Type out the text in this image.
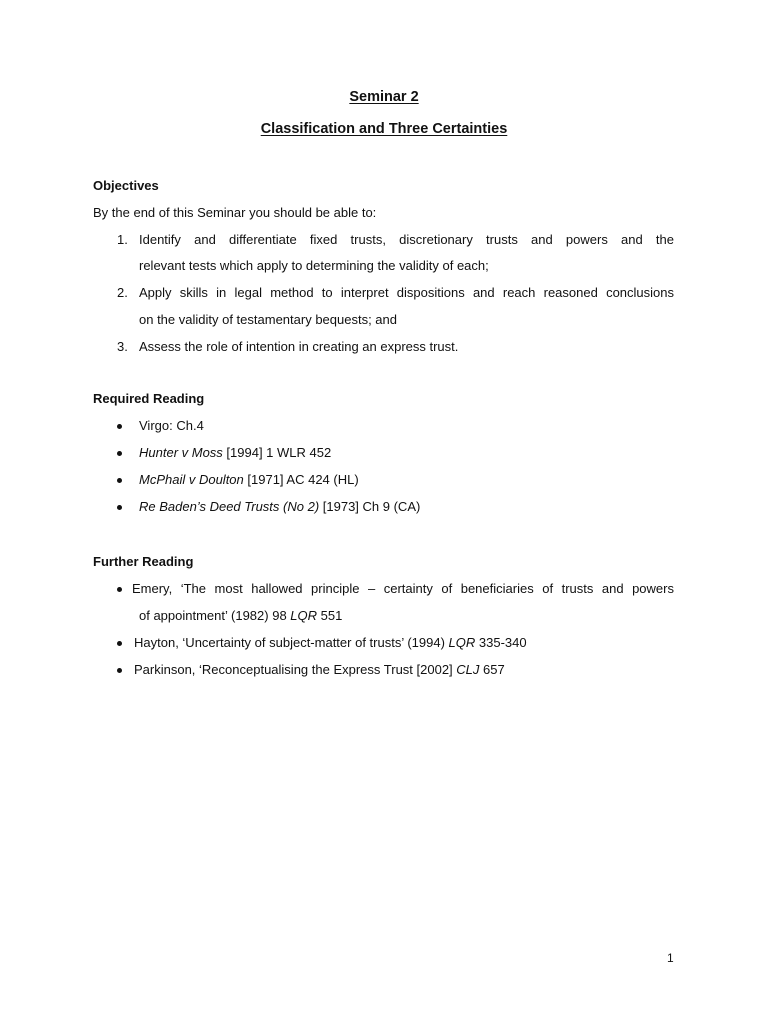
Seminar 2
Classification and Three Certainties
Objectives
By the end of this Seminar you should be able to:
1. Identify and differentiate fixed trusts, discretionary trusts and powers and the
relevant tests which apply to determining the validity of each;
2. Apply skills in legal method to interpret dispositions and reach reasoned conclusions
on the validity of testamentary bequests; and
3. Assess the role of intention in creating an express trust.
Required Reading
Virgo: Ch.4
Hunter v Moss [1994] 1 WLR 452
McPhail v Doulton [1971] AC 424 (HL)
Re Baden’s Deed Trusts (No 2) [1973] Ch 9 (CA)
Further Reading
Emery, ‘The most hallowed principle – certainty of beneficiaries of trusts and powers
of appointment’ (1982) 98 LQR 551
Hayton, ‘Uncertainty of subject-matter of trusts’ (1994) LQR 335-340
Parkinson, ‘Reconceptualising the Express Trust [2002] CLJ 657
1
